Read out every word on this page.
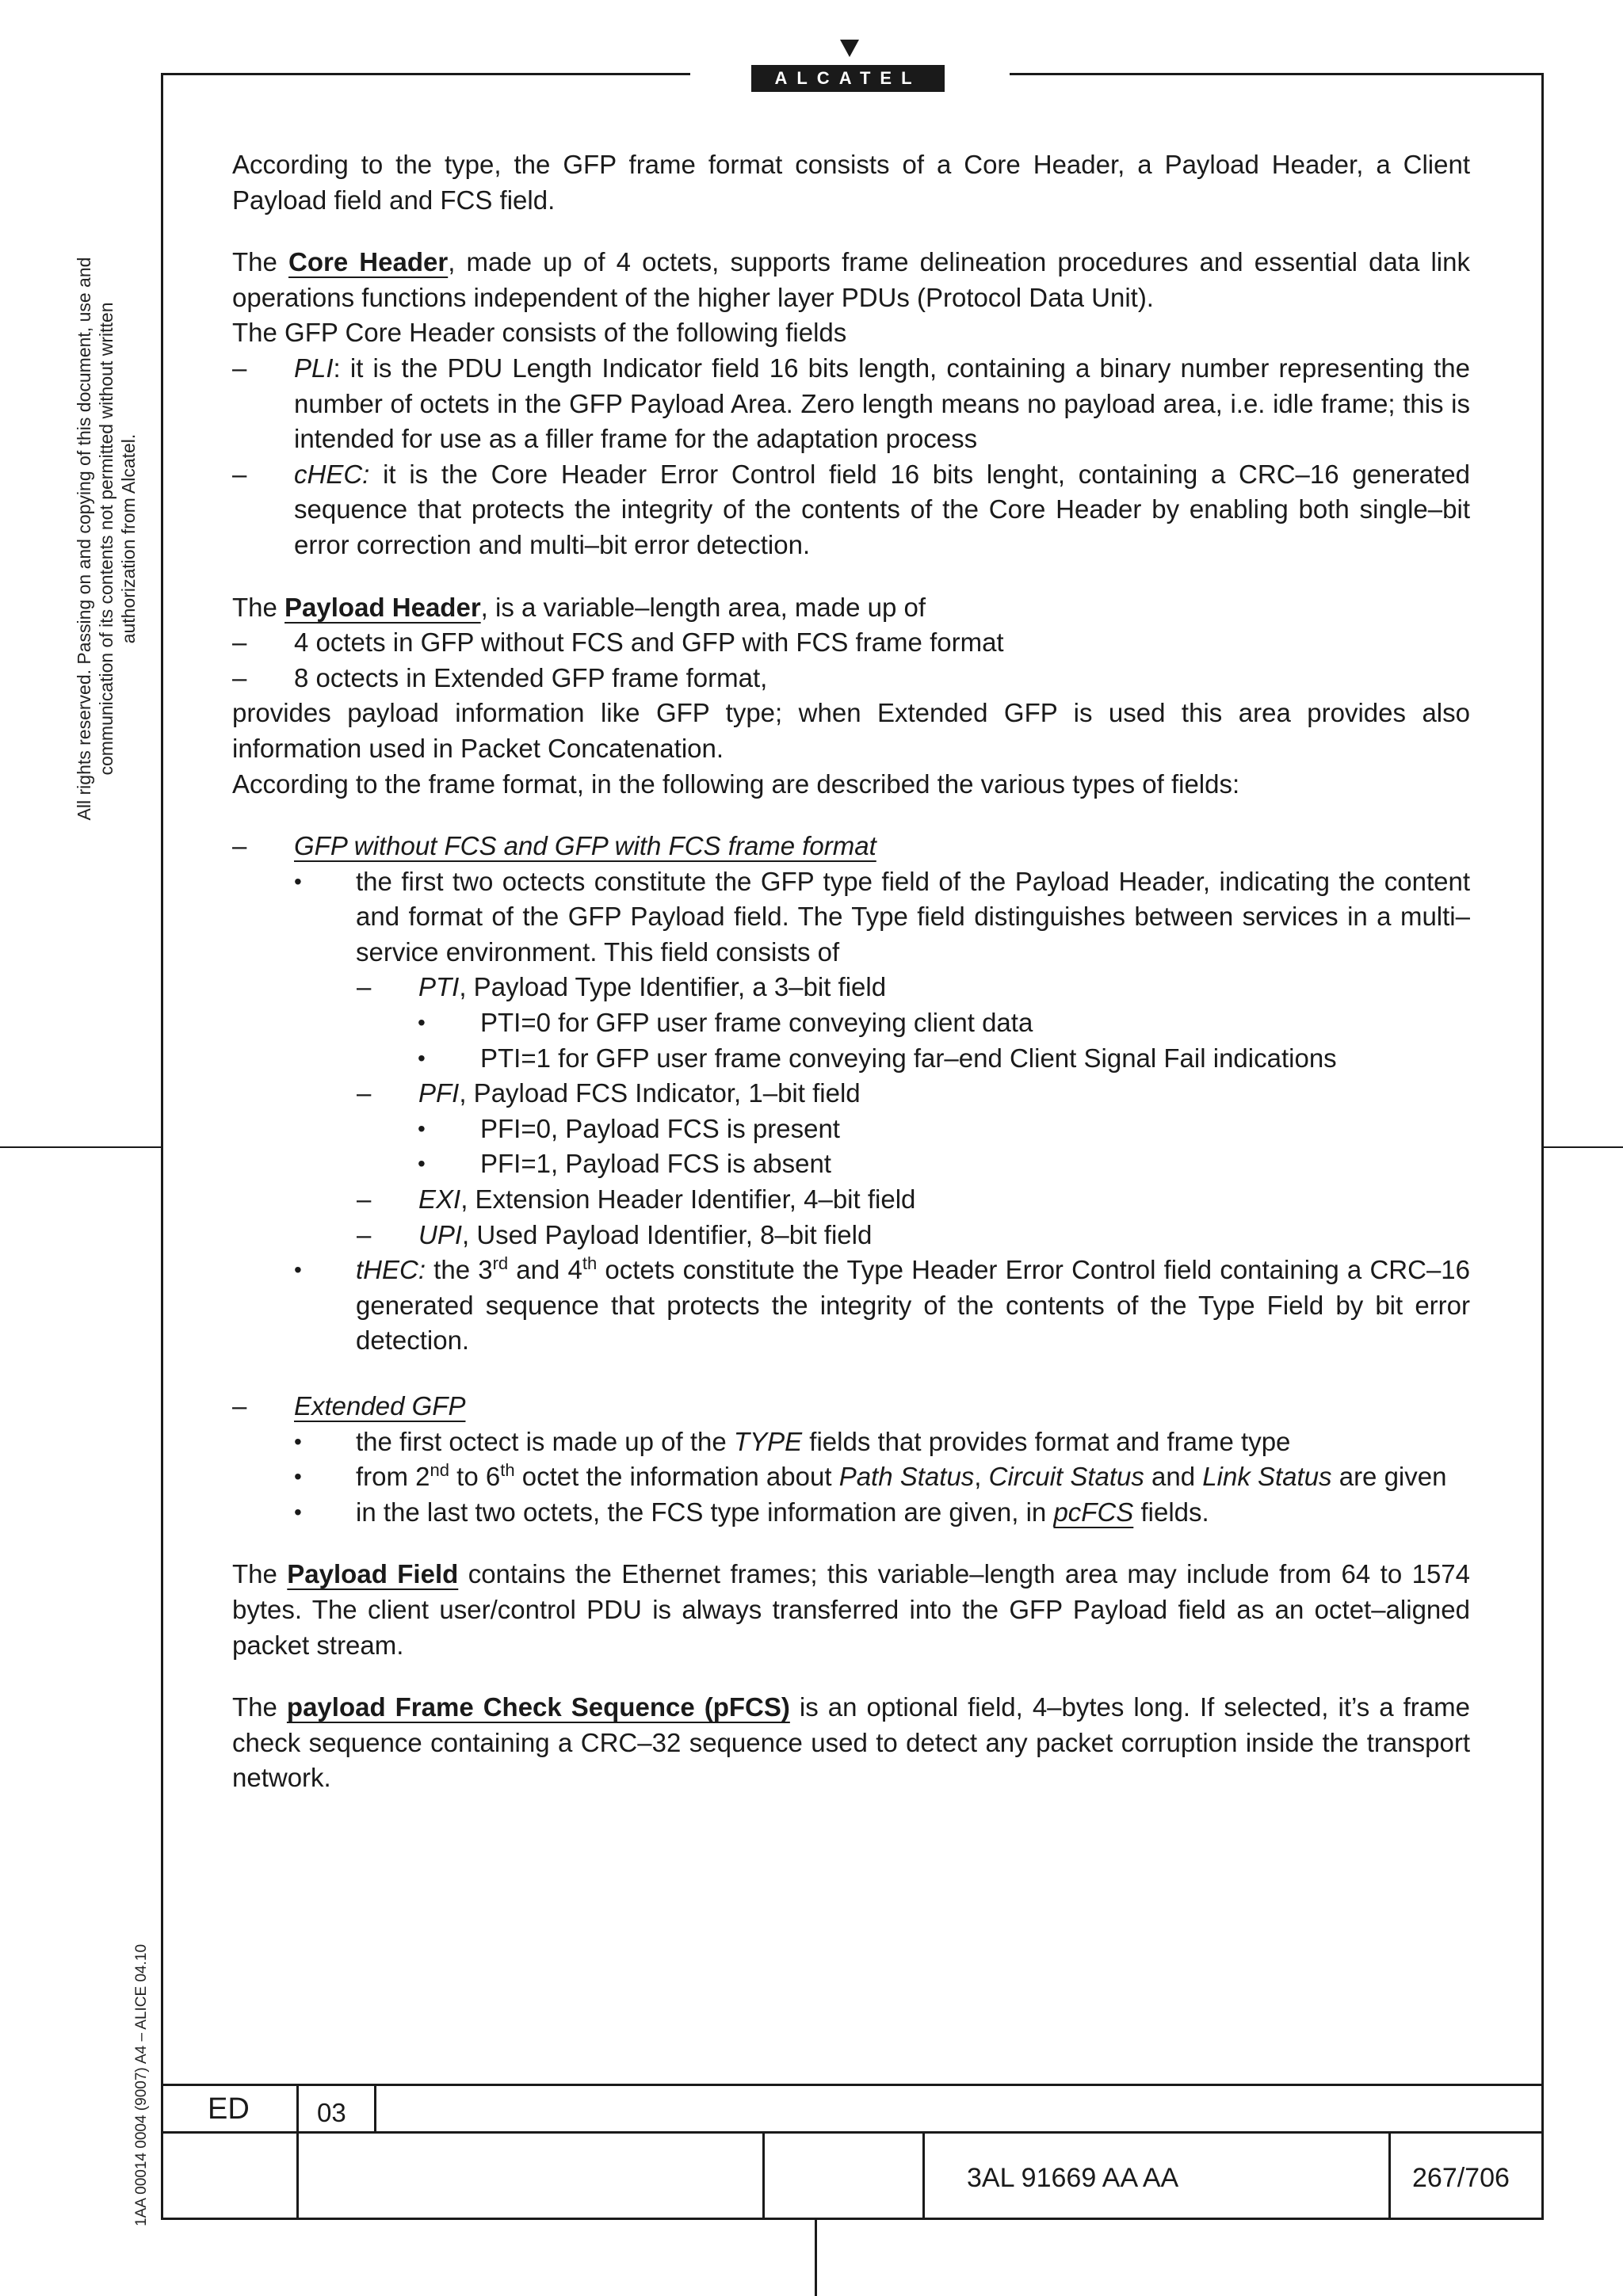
ALCATEL
All rights reserved. Passing on and copying of this document, use and communication of its contents not permitted without written authorization from Alcatel.
1AA 00014 0004 (9007) A4 – ALICE 04.10

According to the type, the GFP frame format consists of a Core Header, a Payload Header, a Client Payload field and FCS field.

The Core Header, made up of 4 octets, supports frame delineation procedures and essential data link operations functions independent of the higher layer PDUs (Protocol Data Unit).

The GFP Core Header consists of the following fields

– PLI: it is the PDU Length Indicator field 16 bits length, containing a binary number representing the number of octets in the GFP Payload Area. Zero length means no payload area, i.e. idle frame; this is intended for use as a filler frame for the adaptation process
– cHEC: it is the Core Header Error Control field 16 bits lenght, containing a CRC–16 generated sequence that protects the integrity of the contents of the Core Header by enabling both single–bit error correction and multi–bit error detection.

The Payload Header, is a variable–length area, made up of

– 4 octets in GFP without FCS and GFP with FCS frame format
– 8 octects in Extended GFP frame format,

provides payload information like GFP type; when Extended GFP is used this area provides also information used in Packet Concatenation.

According to the frame format, in the following are described the various types of fields:

– GFP without FCS and GFP with FCS frame format
• the first two octects constitute the GFP type field of the Payload Header, indicating the content and format of the GFP Payload field. The Type field distinguishes between services in a multi–service environment. This field consists of
– PTI, Payload Type Identifier, a 3–bit field
• PTI=0 for GFP user frame conveying client data
• PTI=1 for GFP user frame conveying far–end Client Signal Fail indications
– PFI, Payload FCS Indicator, 1–bit field
• PFI=0, Payload FCS is present
• PFI=1, Payload FCS is absent
– EXI, Extension Header Identifier, 4–bit field
– UPI, Used Payload Identifier, 8–bit field
• tHEC: the 3rd and 4th octets constitute the Type Header Error Control field containing a CRC–16 generated sequence that protects the integrity of the contents of the Type Field by bit error detection.
– Extended GFP
• the first octect is made up of the TYPE fields that provides format and frame type
• from 2nd to 6th octet the information about Path Status, Circuit Status and Link Status are given
• in the last two octets, the FCS type information are given, in pcFCS fields.

The Payload Field contains the Ethernet frames; this variable–length area may include from 64 to 1574 bytes. The client user/control PDU is always transferred into the GFP Payload field as an octet–aligned packet stream.

The payload Frame Check Sequence (pFCS) is an optional field, 4–bytes long. If selected, it’s a frame check sequence containing a CRC–32 sequence used to detect any packet corruption inside the transport network.

ED	03
3AL 91669 AA AA	267/706
